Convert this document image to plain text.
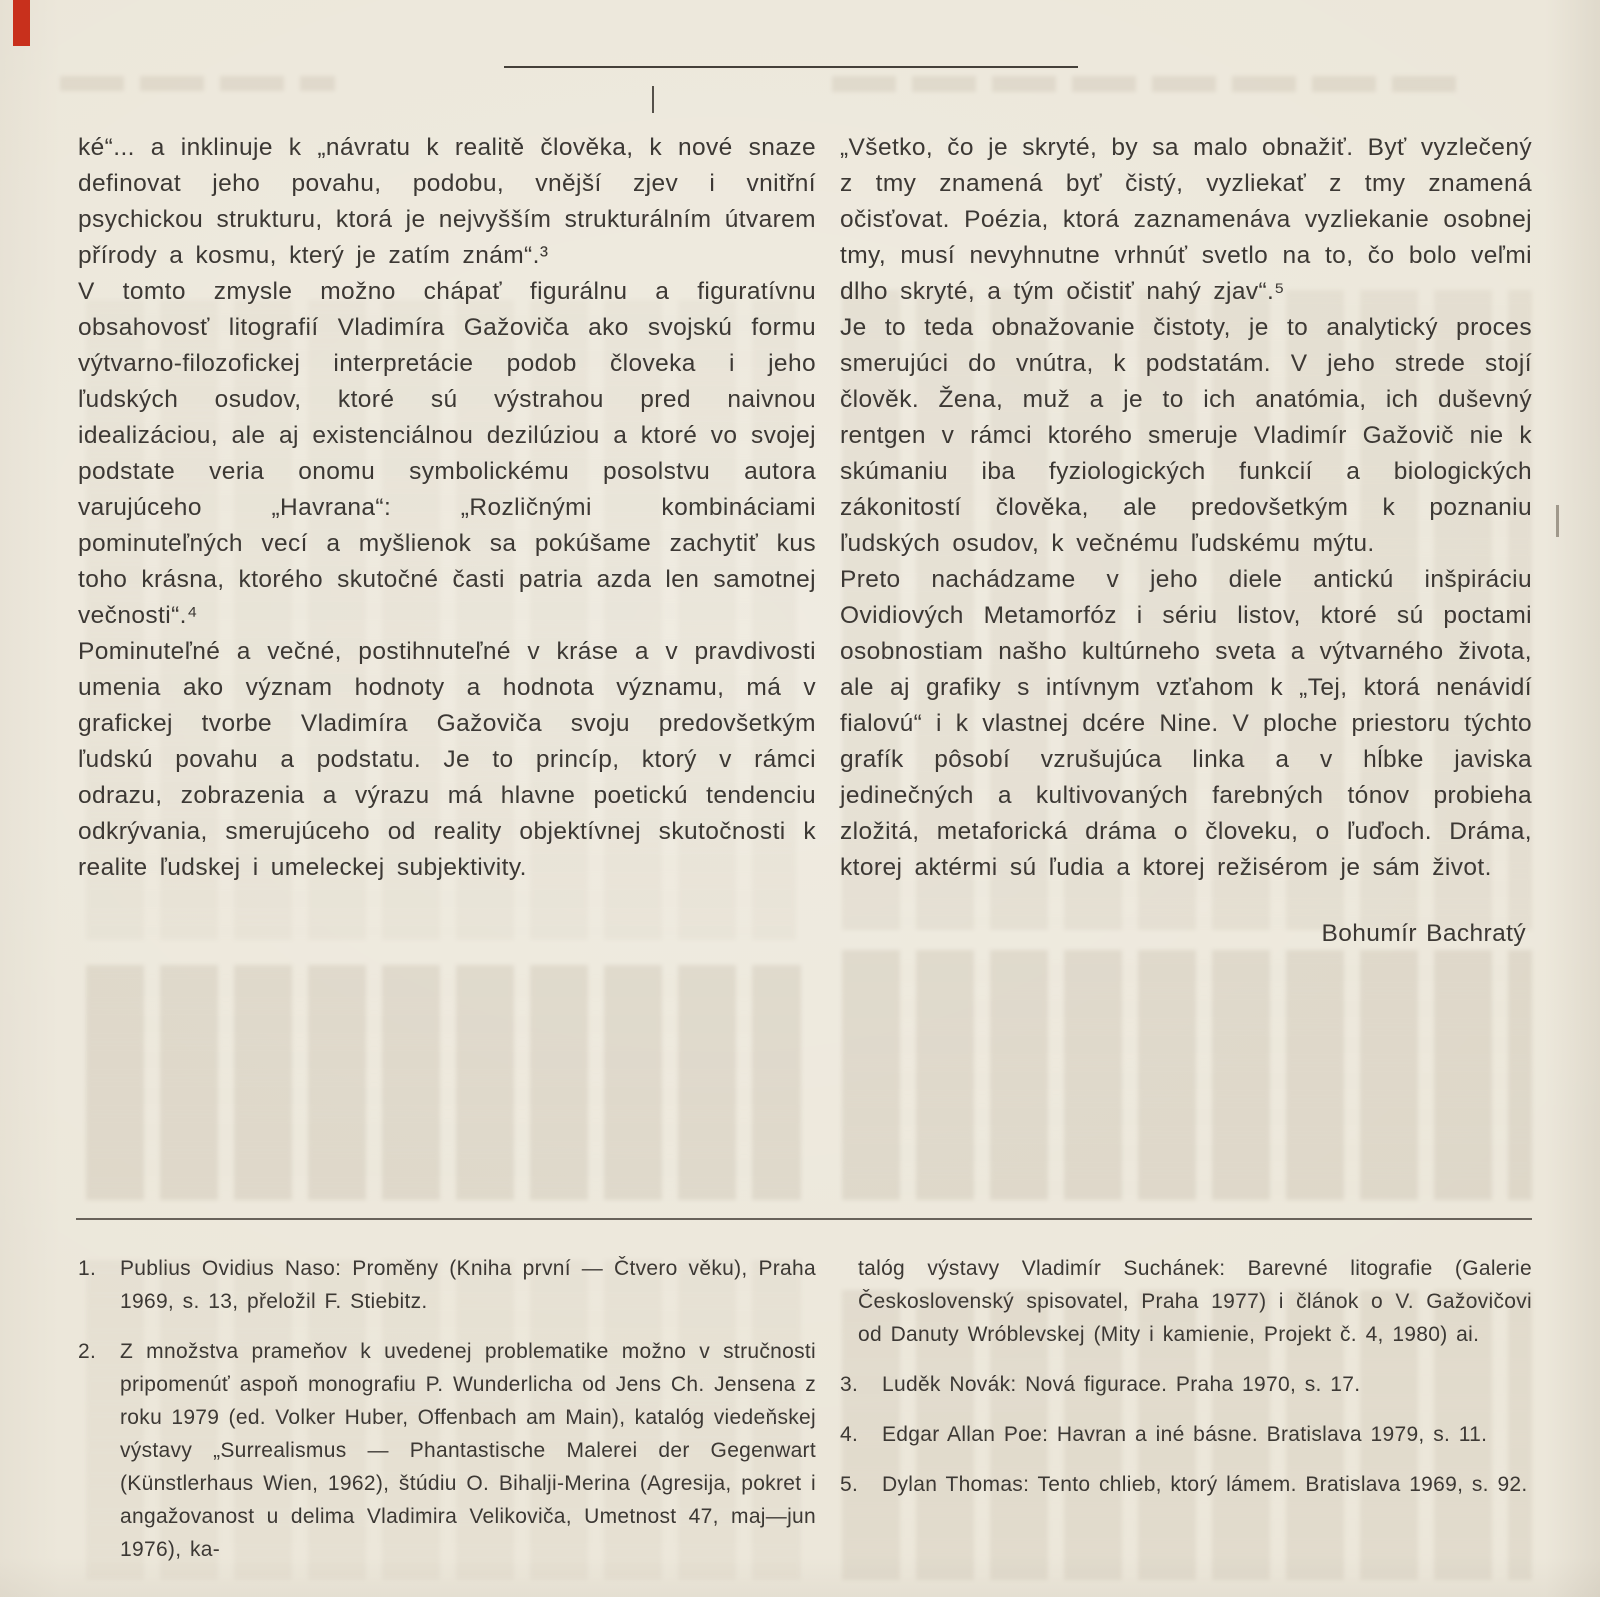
ké“... a inklinuje k „návratu k realitě člověka, k nové snaze definovat jeho povahu, podobu, vnější zjev i vnitřní psychickou strukturu, ktorá je nejvyšším strukturálním útvarem přírody a kosmu, který je zatím znám“.³

V tomto zmysle možno chápať figurálnu a figuratívnu obsahovosť litografií Vladimíra Gažoviča ako svojskú formu výtvarno-filozofickej interpretácie podob človeka i jeho ľudských osudov, ktoré sú výstrahou pred naivnou idealizáciou, ale aj existenciálnou dezilúziou a ktoré vo svojej podstate veria onomu symbolickému posolstvu autora varujúceho „Havrana“: „Rozličnými kombináciami pominuteľných vecí a myšlienok sa pokúšame zachytiť kus toho krásna, ktorého skutočné časti patria azda len samotnej večnosti“.⁴

Pominuteľné a večné, postihnuteľné v kráse a v pravdivosti umenia ako význam hodnoty a hodnota významu, má v grafickej tvorbe Vladimíra Gažoviča svoju predovšetkým ľudskú povahu a podstatu. Je to princíp, ktorý v rámci odrazu, zobrazenia a výrazu má hlavne poetickú tendenciu odkrývania, smerujúceho od reality objektívnej skutočnosti k realite ľudskej i umeleckej subjektivity.

„Všetko, čo je skryté, by sa malo obnažiť. Byť vyzlečený z tmy znamená byť čistý, vyzliekať z tmy znamená očisťovat. Poézia, ktorá zaznamenáva vyzliekanie osobnej tmy, musí nevyhnutne vrhnúť svetlo na to, čo bolo veľmi dlho skryté, a tým očistiť nahý zjav“.⁵

Je to teda obnažovanie čistoty, je to analytický proces smerujúci do vnútra, k podstatám. V jeho strede stojí člověk. Žena, muž a je to ich anatómia, ich duševný rentgen v rámci ktorého smeruje Vladimír Gažovič nie k skúmaniu iba fyziologických funkcií a biologických zákonitostí člověka, ale predovšetkým k poznaniu ľudských osudov, k večnému ľudskému mýtu.

Preto nachádzame v jeho diele antickú inšpiráciu Ovidiových Metamorfóz i sériu listov, ktoré sú poctami osobnostiam našho kultúrneho sveta a výtvarného života, ale aj grafiky s intívnym vzťahom k „Tej, ktorá nenávidí fialovú“ i k vlastnej dcére Nine. V ploche priestoru týchto grafík pôsobí vzrušujúca linka a v hĺbke javiska jedinečných a kultivovaných farebných tónov probieha zložitá, metaforická dráma o človeku, o ľuďoch. Dráma, ktorej aktérmi sú ľudia a ktorej režisérom je sám život.

Bohumír Bachratý

1.	Publius Ovidius Naso: Proměny (Kniha první — Čtvero věku), Praha 1969, s. 13, přeložil F. Stiebitz.
2.	Z množstva prameňov k uvedenej problematike možno v stručnosti pripomenúť aspoň monografiu P. Wunderlicha od Jens Ch. Jensena z roku 1979 (ed. Volker Huber, Offenbach am Main), katalóg viedeňskej výstavy „Surrealismus — Phantastische Malerei der Gegenwart (Künstlerhaus Wien, 1962), štúdiu O. Bihalji-Merina (Agresija, pokret i angažovanost u delima Vladimira Velikoviča, Umetnost 47, maj—jun 1976), ka-
talóg výstavy Vladimír Suchánek: Barevné litografie (Galerie Československý spisovatel, Praha 1977) i článok o V. Gažovičovi od Danuty Wróblevskej (Mity i kamienie, Projekt č. 4, 1980) ai.
3.	Luděk Novák: Nová figurace. Praha 1970, s. 17.
4.	Edgar Allan Poe: Havran a iné básne. Bratislava 1979, s. 11.
5.	Dylan Thomas: Tento chlieb, ktorý lámem. Bratislava 1969, s. 92.
